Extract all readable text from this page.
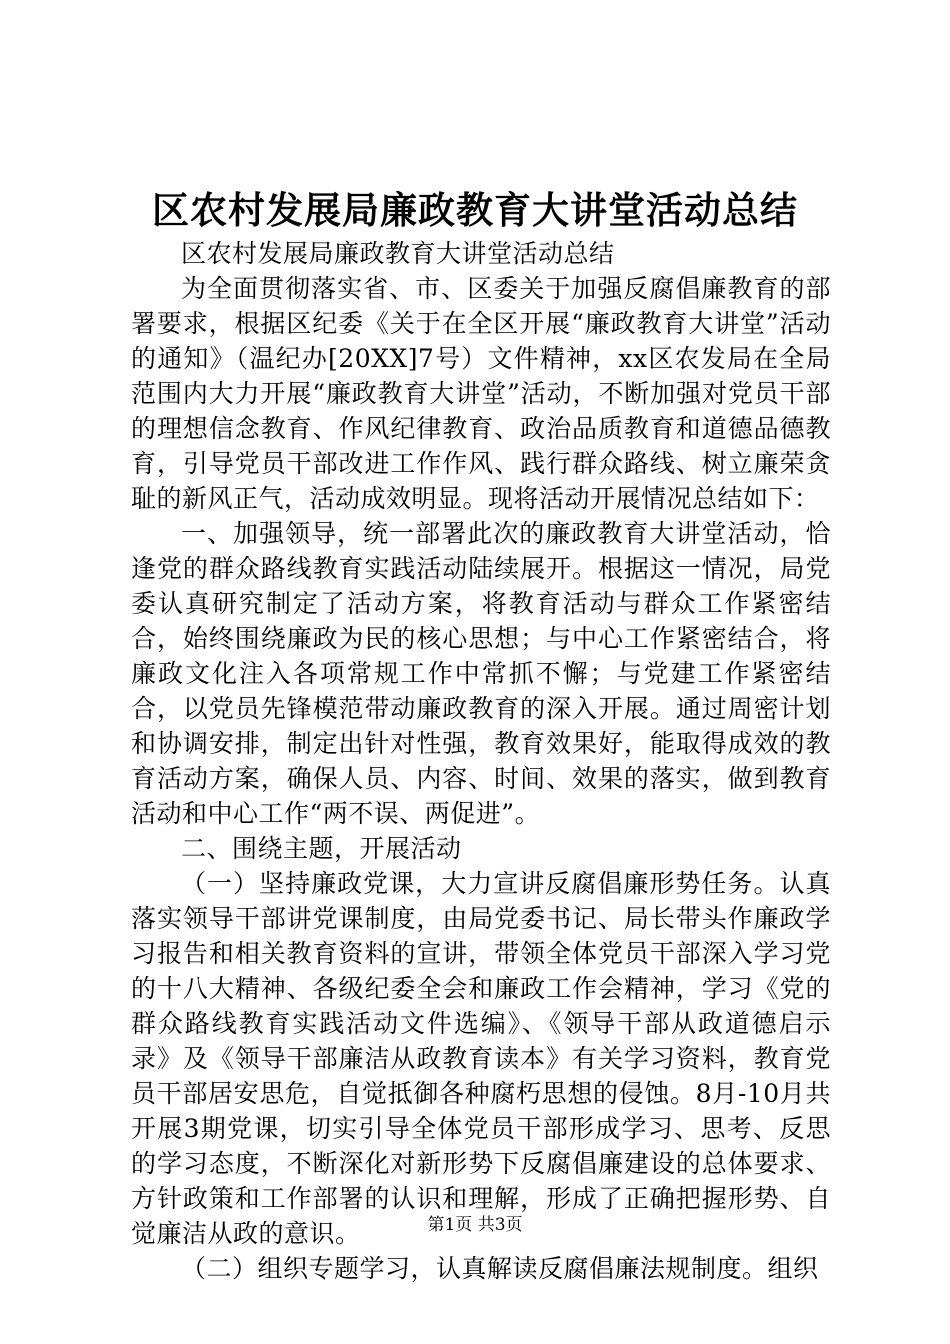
区农村发展局廉政教育大讲堂活动总结

区农村发展局廉政教育大讲堂活动总结

为全面贯彻落实省、市、区委关于加强反腐倡廉教育的部署要求，根据区纪委《关于在全区开展“廉政教育大讲堂”活动的通知》（温纪办[20XX]7号）文件精神，xx区农发局在全局范围内大力开展“廉政教育大讲堂”活动，不断加强对党员干部的理想信念教育、作风纪律教育、政治品质教育和道德品德教育，引导党员干部改进工作作风、践行群众路线、树立廉荣贪耻的新风正气，活动成效明显。现将活动开展情况总结如下：

一、加强领导，统一部署此次的廉政教育大讲堂活动，恰逢党的群众路线教育实践活动陆续展开。根据这一情况，局党委认真研究制定了活动方案，将教育活动与群众工作紧密结合，始终围绕廉政为民的核心思想；与中心工作紧密结合，将廉政文化注入各项常规工作中常抓不懈；与党建工作紧密结合，以党员先锋模范带动廉政教育的深入开展。通过周密计划和协调安排，制定出针对性强，教育效果好，能取得成效的教育活动方案，确保人员、内容、时间、效果的落实，做到教育活动和中心工作“两不误、两促进”。

二、围绕主题，开展活动

（一）坚持廉政党课，大力宣讲反腐倡廉形势任务。认真落实领导干部讲党课制度，由局党委书记、局长带头作廉政学习报告和相关教育资料的宣讲，带领全体党员干部深入学习党的十八大精神、各级纪委全会和廉政工作会精神，学习《党的群众路线教育实践活动文件选编》、《领导干部从政道德启示录》及《领导干部廉洁从政教育读本》有关学习资料，教育党员干部居安思危，自觉抵御各种腐朽思想的侵蚀。8月-10月共开展3期党课，切实引导全体党员干部形成学习、思考、反思的学习态度，不断深化对新形势下反腐倡廉建设的总体要求、方针政策和工作部署的认识和理解，形成了正确把握形势、自觉廉洁从政的意识。

（二）组织专题学习，认真解读反腐倡廉法规制度。组织

第1页 共3页
